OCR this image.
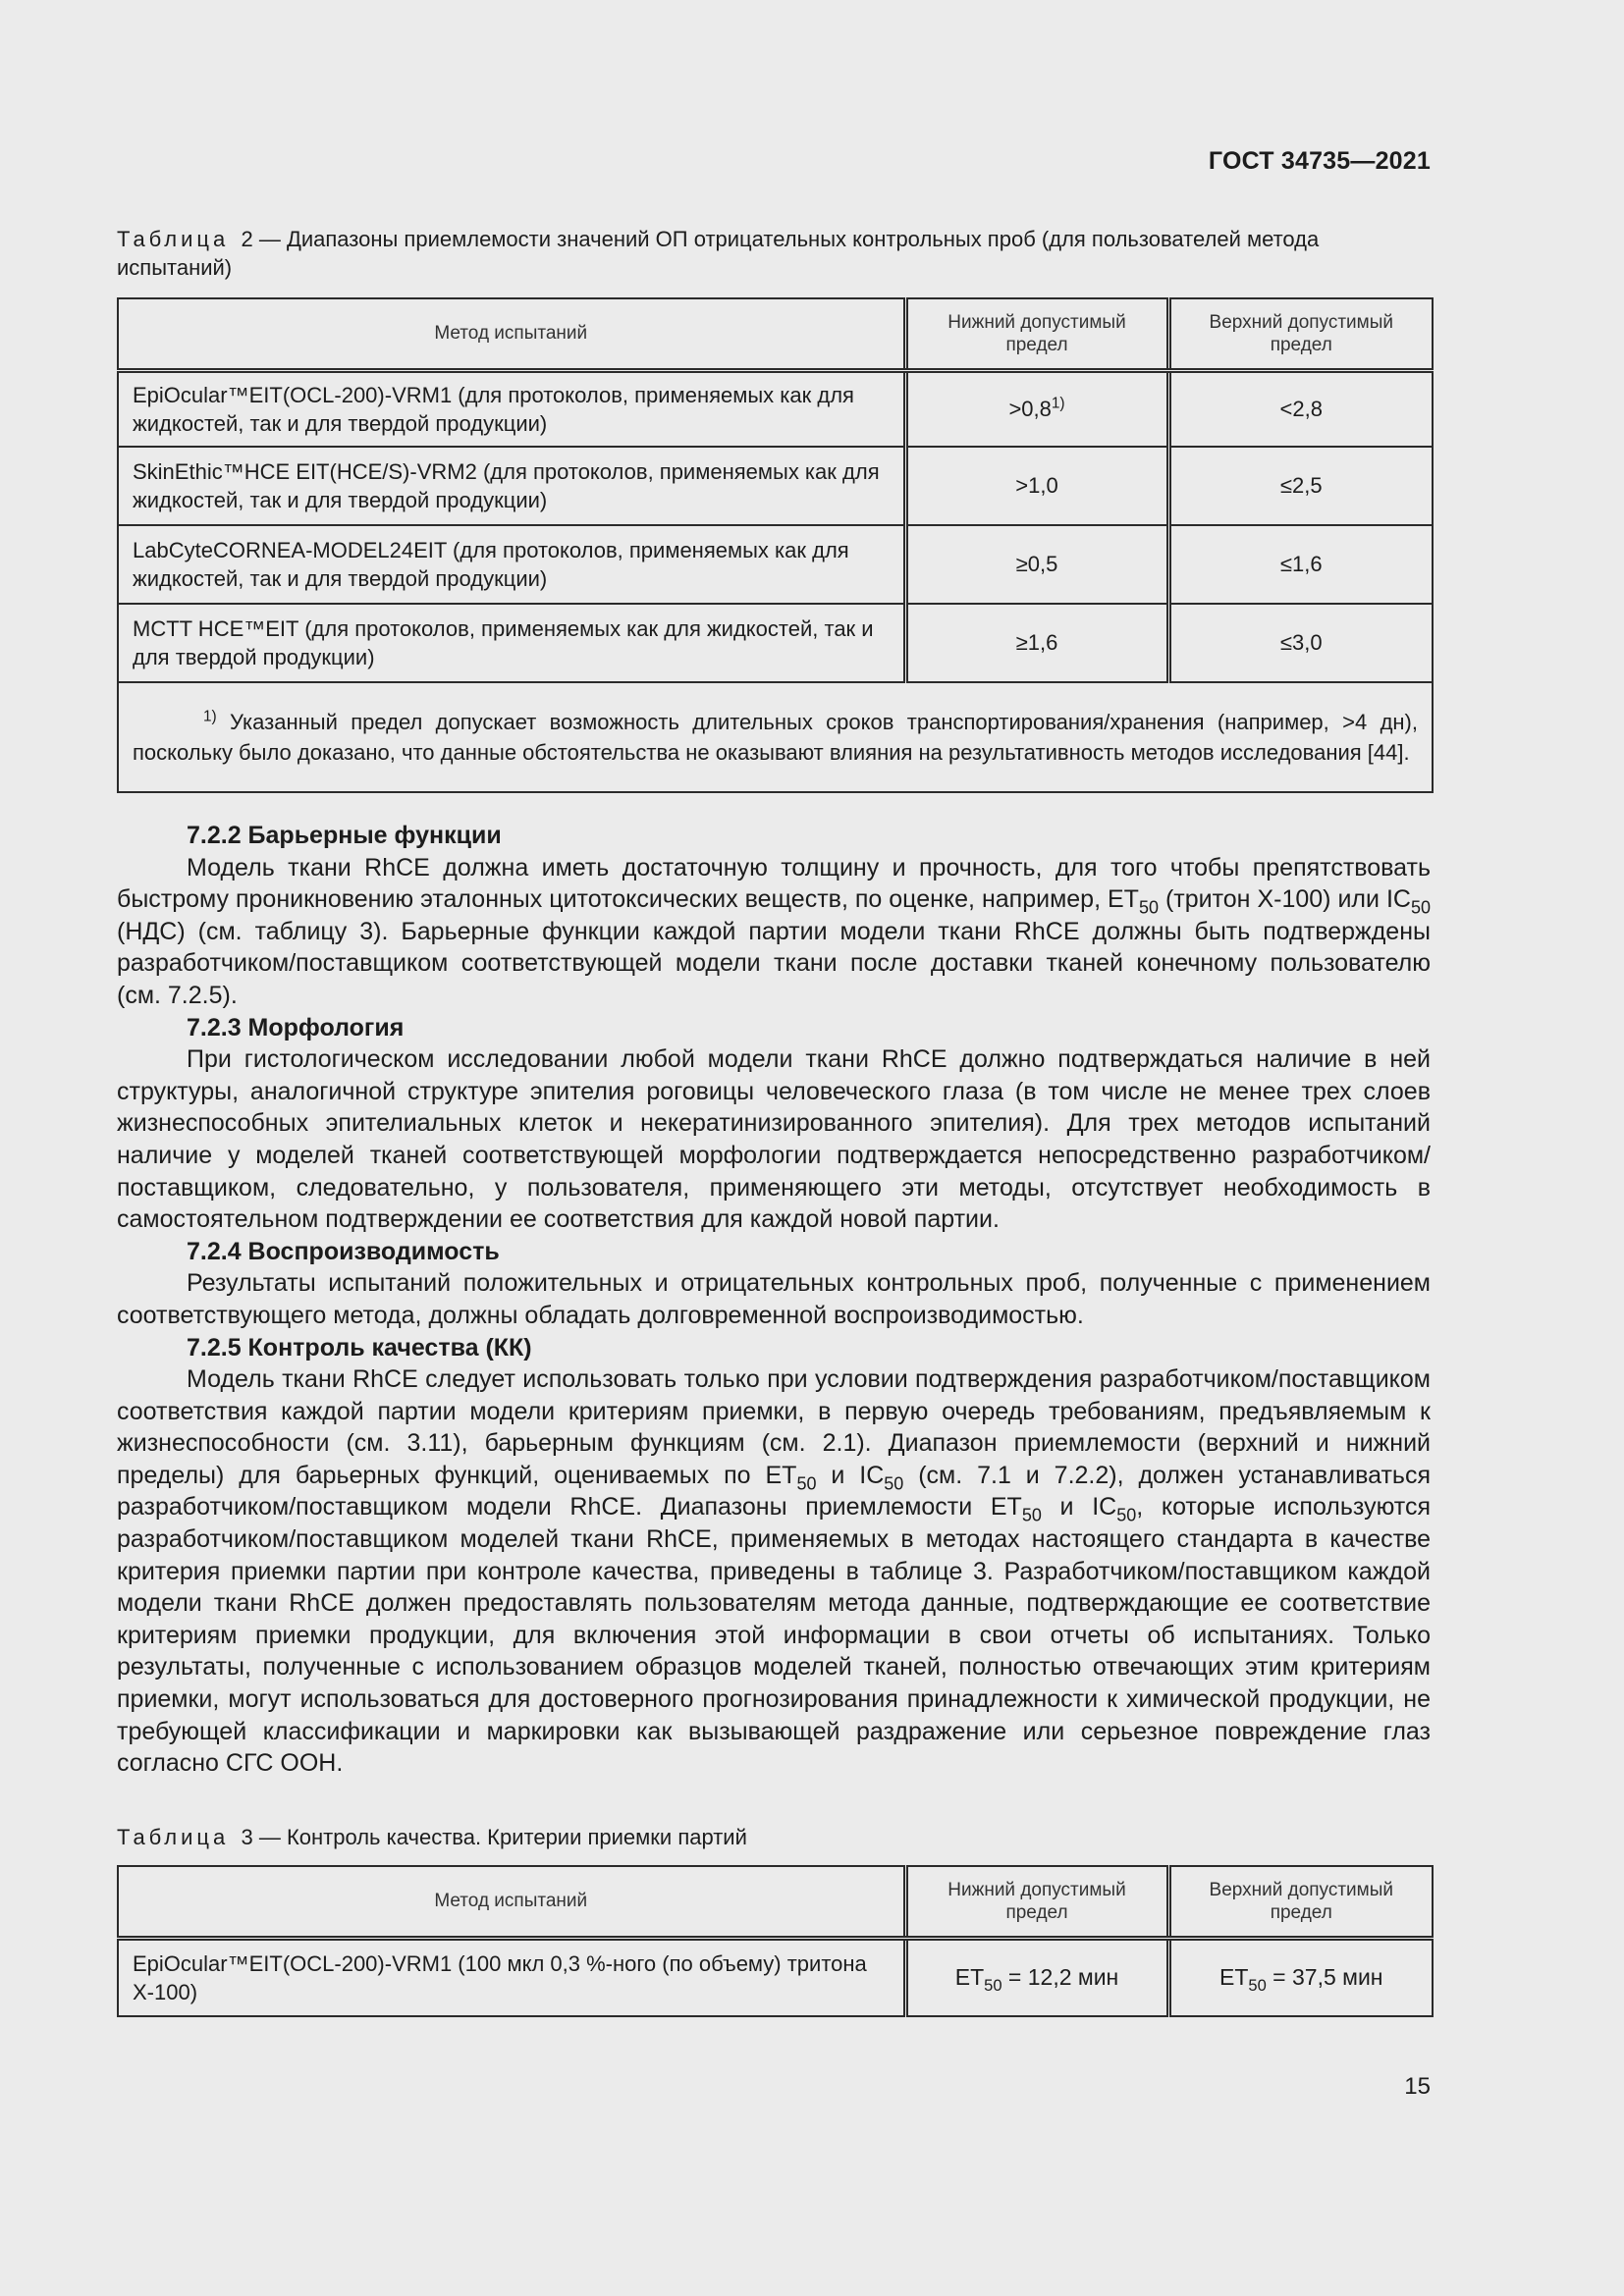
ГОСТ 34735—2021
Таблица 2 — Диапазоны приемлемости значений ОП отрицательных контрольных проб (для пользователей метода испытаний)
Метод испытаний	Нижний допустимый предел	Верхний допустимый предел
EpiOcular™EIT(OCL-200)-VRM1 (для протоколов, применяемых как для жидкостей, так и для твердой продукции)	$>0,8^{1)}$	<2,8
SkinEthic™HCE EIT(HCE/S)-VRM2 (для протоколов, применяемых как для жидкостей, так и для твердой продукции)	>1,0	≤2,5
LabCyteCORNEA-MODEL24EIT (для протоколов, применяемых как для жидкостей, так и для твердой продукции)	≥0,5	≤1,6
MCTT HCE™EIT (для протоколов, применяемых как для жидкостей, так и для твердой продукции)	≥1,6	≤3,0
$^{1)}$ Указанный предел допускает возможность длительных сроков транспортирования/хранения (например, >4 дн), поскольку было доказано, что данные обстоятельства не оказывают влияния на результативность методов исследования [44].		
7.2.2 Барьерные функции

Модель ткани RhCE должна иметь достаточную толщину и прочность, для того чтобы препятствовать быстрому проникновению эталонных цитотоксических веществ, по оценке, например, $ET_{50}$ (тритон X-100) или $IC_{50}$ (НДС) (см. таблицу 3). Барьерные функции каждой партии модели ткани RhCE должны быть подтверждены разработчиком/поставщиком соответствующей модели ткани после доставки тканей конечному пользователю (см. 7.2.5).

7.2.3 Морфология

При гистологическом исследовании любой модели ткани RhCE должно подтверждаться наличие в ней структуры, аналогичной структуре эпителия роговицы человеческого глаза (в том числе не менее трех слоев жизнеспособных эпителиальных клеток и некератинизированного эпителия). Для трех методов испытаний наличие у моделей тканей соответствующей морфологии подтверждается непосредственно разработчиком/поставщиком, следовательно, у пользователя, применяющего эти методы, отсутствует необходимость в самостоятельном подтверждении ее соответствия для каждой новой партии.

7.2.4 Воспроизводимость

Результаты испытаний положительных и отрицательных контрольных проб, полученные с применением соответствующего метода, должны обладать долговременной воспроизводимостью.

7.2.5 Контроль качества (КК)

Модель ткани RhCE следует использовать только при условии подтверждения разработчиком/поставщиком соответствия каждой партии модели критериям приемки, в первую очередь требованиям, предъявляемым к жизнеспособности (см. 3.11), барьерным функциям (см. 2.1). Диапазон приемлемости (верхний и нижний пределы) для барьерных функций, оцениваемых по $ET_{50}$ и $IC_{50}$ (см. 7.1 и 7.2.2), должен устанавливаться разработчиком/поставщиком модели RhCE. Диапазоны приемлемости $ET_{50}$ и $IC_{50}$, которые используются разработчиком/поставщиком моделей ткани RhCE, применяемых в методах настоящего стандарта в качестве критерия приемки партии при контроле качества, приведены в таблице 3. Разработчиком/поставщиком каждой модели ткани RhCE должен предоставлять пользователям метода данные, подтверждающие ее соответствие критериям приемки продукции, для включения этой информации в свои отчеты об испытаниях. Только результаты, полученные с использованием образцов моделей тканей, полностью отвечающих этим критериям приемки, могут использоваться для достоверного прогнозирования принадлежности к химической продукции, не требующей классификации и маркировки как вызывающей раздражение или серьезное повреждение глаз согласно СГС ООН.

Таблица 3 — Контроль качества. Критерии приемки партий
Метод испытаний	Нижний допустимый предел	Верхний допустимый предел
EpiOcular™EIT(OCL-200)-VRM1 (100 мкл 0,3 %-ного (по объему) тритона X-100)	$ET_{50} = 12,2$ мин	$ET_{50} = 37,5$ мин
15
